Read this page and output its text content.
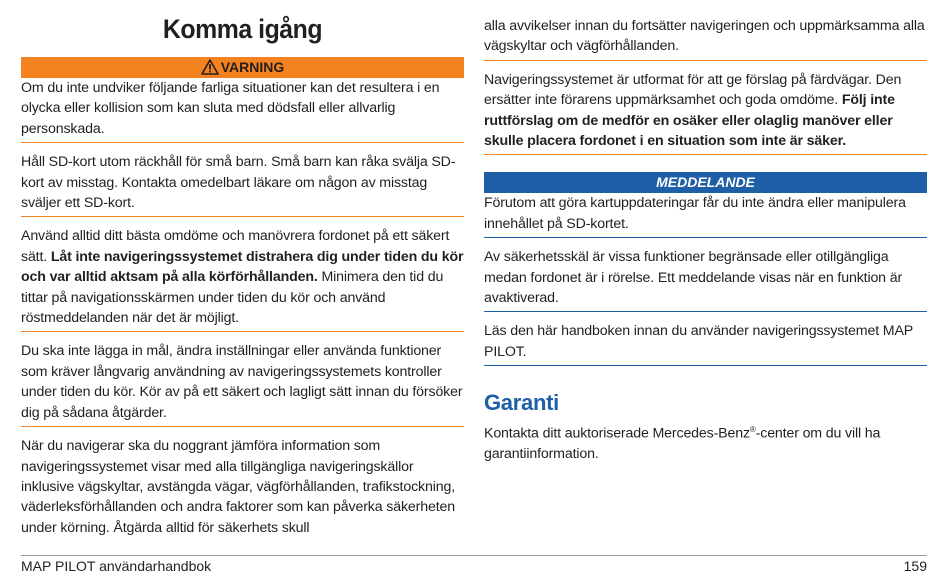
Komma igång
VARNING

Om du inte undviker följande farliga situationer kan det resultera i en olycka eller kollision som kan sluta med dödsfall eller allvarlig personskada.

Håll SD-kort utom räckhåll för små barn. Små barn kan råka svälja SD-kort av misstag. Kontakta omedelbart läkare om någon av misstag sväljer ett SD-kort.

Använd alltid ditt bästa omdöme och manövrera fordonet på ett säkert sätt. Låt inte navigeringssystemet distrahera dig under tiden du kör och var alltid aktsam på alla körförhållanden. Minimera den tid du tittar på navigationsskärmen under tiden du kör och använd röstmeddelanden när det är möjligt.

Du ska inte lägga in mål, ändra inställningar eller använda funktioner som kräver långvarig användning av navigeringssystemets kontroller under tiden du kör. Kör av på ett säkert och lagligt sätt innan du försöker dig på sådana åtgärder.

När du navigerar ska du noggrant jämföra information som navigeringssystemet visar med alla tillgängliga navigeringskällor inklusive vägskyltar, avstängda vägar, vägförhållanden, trafikstockning, väderleksförhållanden och andra faktorer som kan påverka säkerheten under körning. Åtgärda alltid för säkerhets skull

alla avvikelser innan du fortsätter navigeringen och uppmärksamma alla vägskyltar och vägförhållanden.

Navigeringssystemet är utformat för att ge förslag på färdvägar. Den ersätter inte förarens uppmärksamhet och goda omdöme. Följ inte ruttförslag om de medför en osäker eller olaglig manöver eller skulle placera fordonet i en situation som inte är säker.

MEDDELANDE

Förutom att göra kartuppdateringar får du inte ändra eller manipulera innehållet på SD-kortet.

Av säkerhetsskäl är vissa funktioner begränsade eller otillgängliga medan fordonet är i rörelse. Ett meddelande visas när en funktion är avaktiverad.

Läs den här handboken innan du använder navigeringssystemet MAP PILOT.

Garanti

Kontakta ditt auktoriserade Mercedes-Benz®-center om du vill ha garantiinformation.

MAP PILOT användarhandbok	159
